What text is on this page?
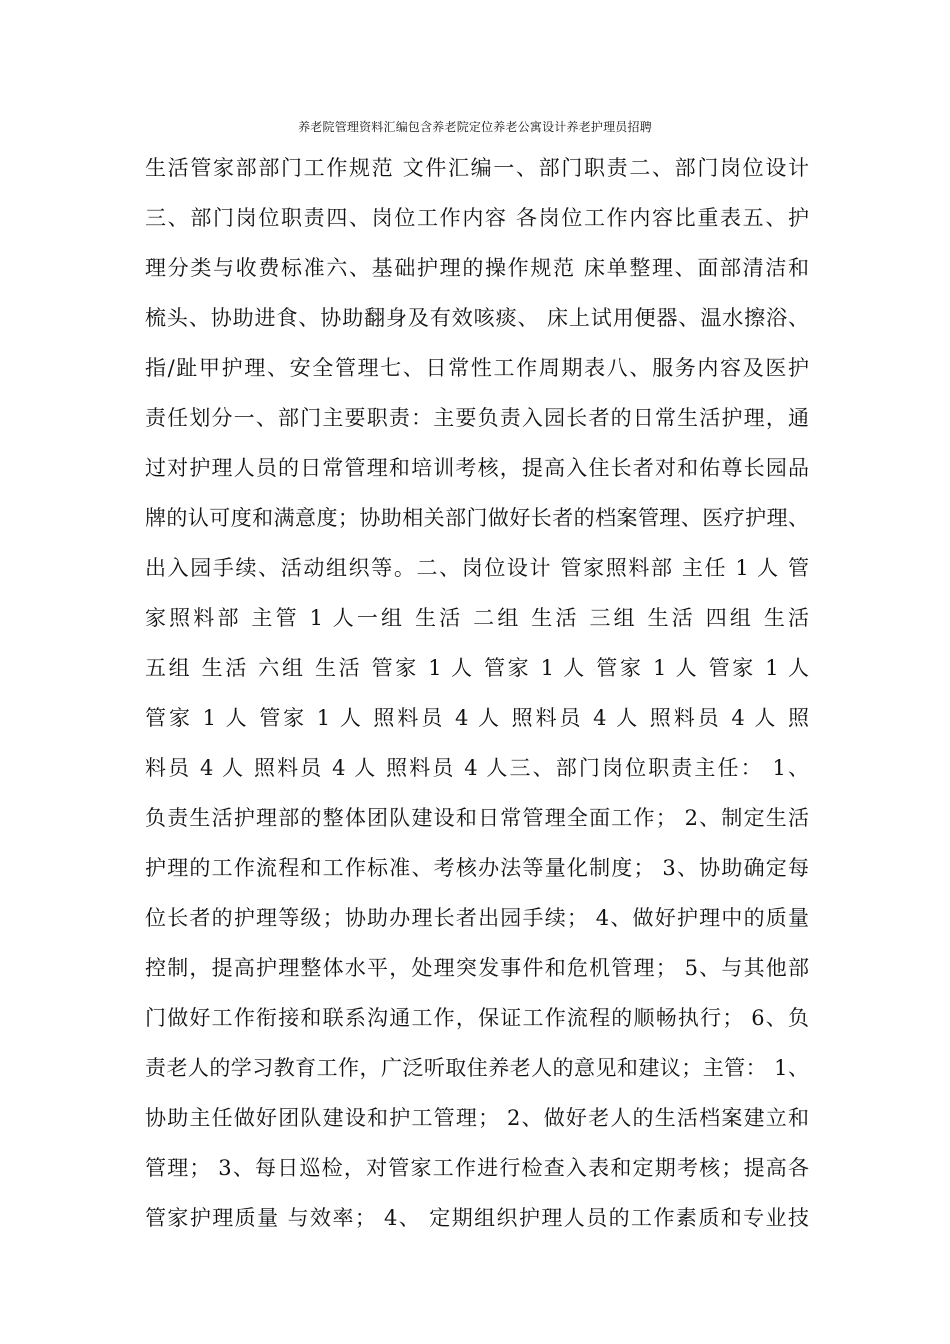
养老院管理资料汇编包含养老院定位养老公寓设计养老护理员招聘
生活管家部部门工作规范 文件汇编一、部门职责二、部门岗位设计
三、部门岗位职责四、岗位工作内容 各岗位工作内容比重表五、护
理分类与收费标准六、基础护理的操作规范 床单整理、面部清洁和
梳头、协助进食、协助翻身及有效咳痰、 床上试用便器、温水擦浴、
指/趾甲护理、安全管理七、日常性工作周期表八、服务内容及医护
责任划分一、部门主要职责：主要负责入园长者的日常生活护理，通
过对护理人员的日常管理和培训考核，提高入住长者对和佑尊长园品
牌的认可度和满意度；协助相关部门做好长者的档案管理、医疗护理、
出入园手续、活动组织等。二、岗位设计 管家照料部 主任 1 人 管
家照料部 主管 1 人一组 生活 二组 生活 三组 生活 四组 生活
五组 生活 六组 生活 管家 1 人 管家 1 人 管家 1 人 管家 1 人
管家 1 人 管家 1 人 照料员 4 人 照料员 4 人 照料员 4 人 照
料员 4 人 照料员 4 人 照料员 4 人三、部门岗位职责主任： 1、
负责生活护理部的整体团队建设和日常管理全面工作； 2、制定生活
护理的工作流程和工作标准、考核办法等量化制度； 3、协助确定每
位长者的护理等级；协助办理长者出园手续； 4、做好护理中的质量
控制，提高护理整体水平，处理突发事件和危机管理； 5、与其他部
门做好工作衔接和联系沟通工作，保证工作流程的顺畅执行； 6、负
责老人的学习教育工作，广泛听取住养老人的意见和建议；主管： 1、
协助主任做好团队建设和护工管理； 2、做好老人的生活档案建立和
管理； 3、每日巡检，对管家工作进行检查入表和定期考核；提高各
管家护理质量 与效率； 4、 定期组织护理人员的工作素质和专业技
